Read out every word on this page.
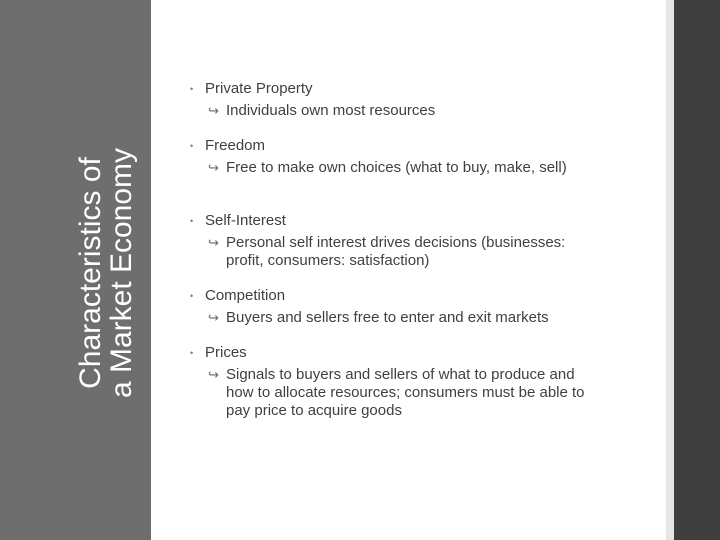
Characteristics of
a Market Economy
• Private Property
↪ Individuals own most resources
• Freedom
↪ Free to make own choices (what to buy, make, sell)
• Self-Interest
↪ Personal self interest drives decisions (businesses: profit, consumers: satisfaction)
• Competition
↪ Buyers and sellers free to enter and exit markets
• Prices
↪ Signals to buyers and sellers of what to produce and how to allocate resources; consumers must be able to pay price to acquire goods
